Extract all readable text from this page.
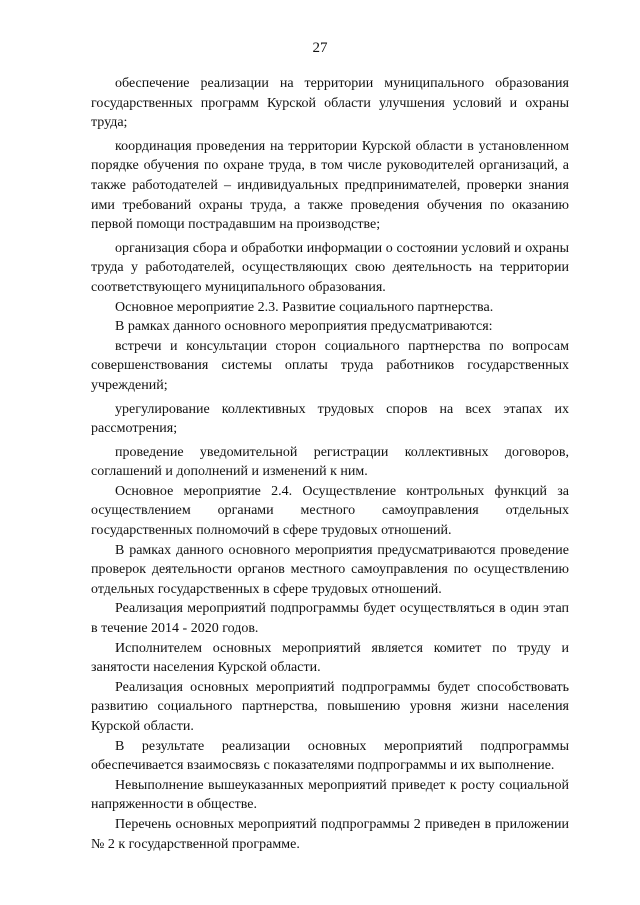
27

обеспечение реализации на территории муниципального образования государственных программ Курской области улучшения условий и охраны труда;

координация проведения на территории Курской области в установленном порядке обучения по охране труда, в том числе руководителей организаций, а также работодателей – индивидуальных предпринимателей, проверки знания ими требований охраны труда, а также проведения обучения по оказанию первой помощи пострадавшим на производстве;

организация сбора и обработки информации о состоянии условий и охраны труда у работодателей, осуществляющих свою деятельность на территории соответствующего муниципального образования.

Основное мероприятие 2.3. Развитие социального партнерства.

В рамках данного основного мероприятия предусматриваются:

встречи и консультации сторон социального партнерства по вопросам совершенствования системы оплаты труда работников государственных учреждений;

урегулирование коллективных трудовых споров на всех этапах их рассмотрения;

проведение уведомительной регистрации коллективных договоров, соглашений и дополнений и изменений к ним.

Основное мероприятие 2.4. Осуществление контрольных функций за осуществлением органами местного самоуправления отдельных государственных полномочий в сфере трудовых отношений.

В рамках данного основного мероприятия предусматриваются проведение проверок деятельности органов местного самоуправления по осуществлению отдельных государственных в сфере трудовых отношений.

Реализация мероприятий подпрограммы будет осуществляться в один этап в течение 2014 - 2020 годов.

Исполнителем основных мероприятий является комитет по труду и занятости населения Курской области.

Реализация основных мероприятий подпрограммы будет способствовать развитию социального партнерства, повышению уровня жизни населения Курской области.

В результате реализации основных мероприятий подпрограммы обеспечивается взаимосвязь с показателями подпрограммы и их выполнение.

Невыполнение вышеуказанных мероприятий приведет к росту социальной напряженности в обществе.

Перечень основных мероприятий подпрограммы 2 приведен в приложении № 2 к государственной программе.
